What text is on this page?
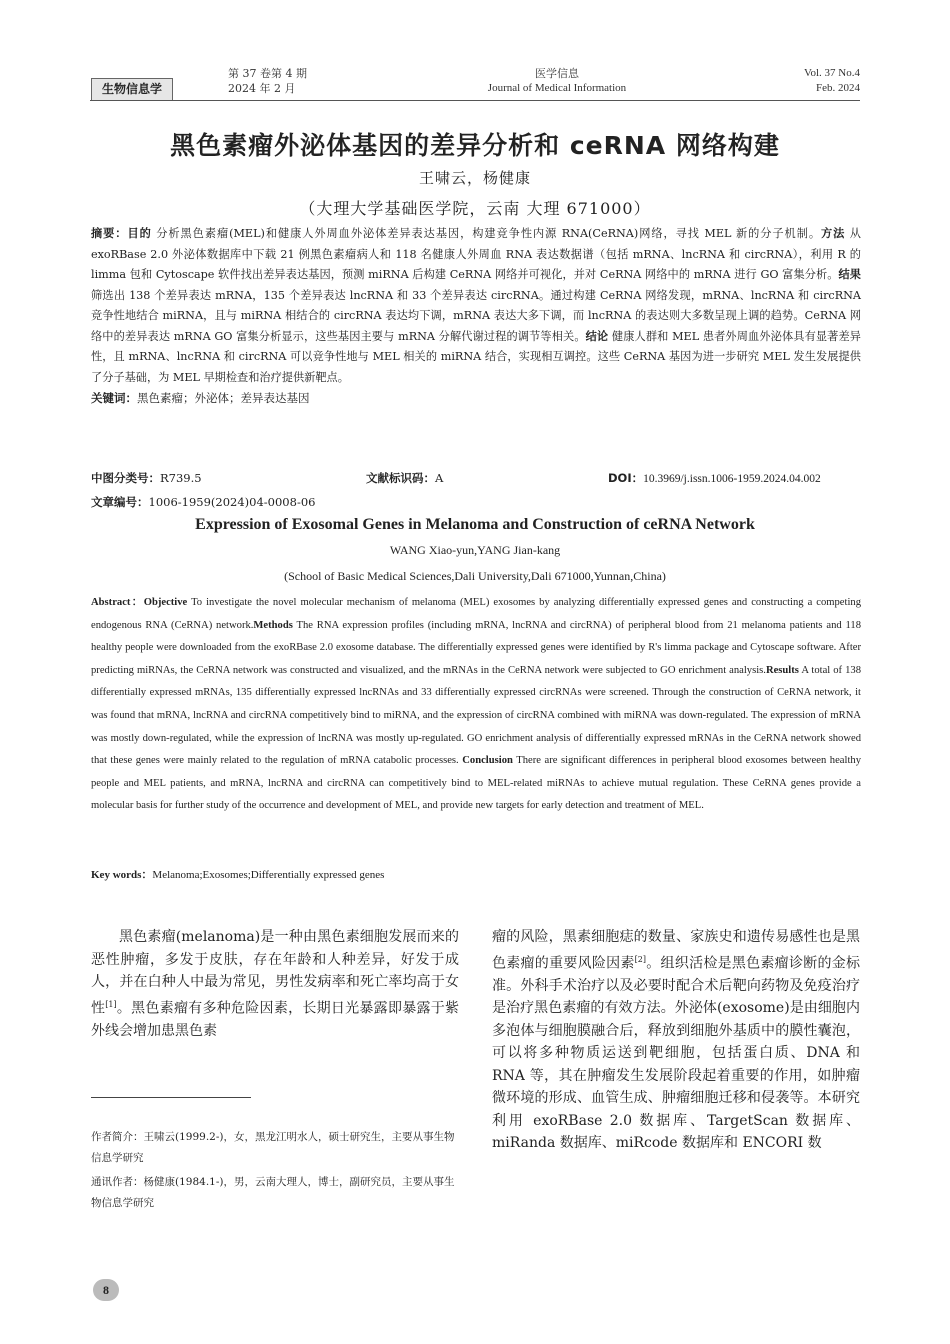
生物信息学
第 37 卷第 4 期
2024 年 2 月
医学信息
Journal of Medical Information
Vol. 37 No.4
Feb. 2024
黑色素瘤外泌体基因的差异分析和 ceRNA 网络构建
王啸云，杨健康
（大理大学基础医学院，云南 大理 671000）
摘要：目的 分析黑色素瘤(MEL)和健康人外周血外泌体差异表达基因，构建竞争性内源 RNA(CeRNA)网络，寻找 MEL 新的分子机制。方法 从 exoRBase 2.0 外泌体数据库中下载 21 例黑色素瘤病人和 118 名健康人外周血 RNA 表达数据谱（包括 mRNA、lncRNA 和 circRNA），利用 R 的 limma 包和 Cytoscape 软件找出差异表达基因，预测 miRNA 后构建 CeRNA 网络并可视化，并对 CeRNA 网络中的 mRNA 进行 GO 富集分析。结果 筛选出 138 个差异表达 mRNA，135 个差异表达 lncRNA 和 33 个差异表达 circRNA。通过构建 CeRNA 网络发现，mRNA、lncRNA 和 circRNA 竞争性地结合 miRNA，且与 miRNA 相结合的 circRNA 表达均下调，mRNA 表达大多下调，而 lncRNA 的表达则大多数呈现上调的趋势。CeRNA 网络中的差异表达 mRNA GO 富集分析显示，这些基因主要与 mRNA 分解代谢过程的调节等相关。结论 健康人群和 MEL 患者外周血外泌体具有显著差异性，且 mRNA、lncRNA 和 circRNA 可以竞争性地与 MEL 相关的 miRNA 结合，实现相互调控。这些 CeRNA 基因为进一步研究 MEL 发生发展提供了分子基础，为 MEL 早期检查和治疗提供新靶点。
关键词：黑色素瘤；外泌体；差异表达基因
中图分类号：R739.5	文献标识码：A	DOI：10.3969/j.issn.1006-1959.2024.04.002
文章编号：1006-1959(2024)04-0008-06
Expression of Exosomal Genes in Melanoma and Construction of ceRNA Network
WANG Xiao-yun,YANG Jian-kang
(School of Basic Medical Sciences,Dali University,Dali 671000,Yunnan,China)
Abstract：Objective To investigate the novel molecular mechanism of melanoma (MEL) exosomes by analyzing differentially expressed genes and constructing a competing endogenous RNA (CeRNA) network.Methods The RNA expression profiles (including mRNA, lncRNA and circRNA) of peripheral blood from 21 melanoma patients and 118 healthy people were downloaded from the exoRBase 2.0 exosome database. The differentially expressed genes were identified by R's limma package and Cytoscape software. After predicting miRNAs, the CeRNA network was constructed and visualized, and the mRNAs in the CeRNA network were subjected to GO enrichment analysis.Results A total of 138 differentially expressed mRNAs, 135 differentially expressed lncRNAs and 33 differentially expressed circRNAs were screened. Through the construction of CeRNA network, it was found that mRNA, lncRNA and circRNA competitively bind to miRNA, and the expression of circRNA combined with miRNA was down-regulated. The expression of mRNA was mostly down-regulated, while the expression of lncRNA was mostly up-regulated. GO enrichment analysis of differentially expressed mRNAs in the CeRNA network showed that these genes were mainly related to the regulation of mRNA catabolic processes. Conclusion There are significant differences in peripheral blood exosomes between healthy people and MEL patients, and mRNA, lncRNA and circRNA can competitively bind to MEL-related miRNAs to achieve mutual regulation. These CeRNA genes provide a molecular basis for further study of the occurrence and development of MEL, and provide new targets for early detection and treatment of MEL.
Key words：Melanoma;Exosomes;Differentially expressed genes
黑色素瘤(melanoma)是一种由黑色素细胞发展而来的恶性肿瘤，多发于皮肤，存在年龄和人种差异，好发于成人，并在白种人中最为常见，男性发病率和死亡率均高于女性[1]。黑色素瘤有多种危险因素，长期日光暴露即暴露于紫外线会增加患黑色素
瘤的风险，黑素细胞痣的数量、家族史和遗传易感性也是黑色素瘤的重要风险因素[2]。组织活检是黑色素瘤诊断的金标准。外科手术治疗以及必要时配合术后靶向药物及免疫治疗是治疗黑色素瘤的有效方法。外泌体(exosome)是由细胞内多泡体与细胞膜融合后，释放到细胞外基质中的膜性囊泡，可以将多种物质运送到靶细胞，包括蛋白质、DNA 和 RNA 等，其在肿瘤发生发展阶段起着重要的作用，如肿瘤微环境的形成、血管生成、肿瘤细胞迁移和侵袭等。本研究利用 exoRBase 2.0 数据库、TargetScan 数据库、miRanda 数据库、miRcode 数据库和 ENCORI 数
作者简介：王啸云(1999.2-)，女，黑龙江明水人，硕士研究生，主要从事生物信息学研究
通讯作者：杨健康(1984.1-)，男，云南大理人，博士，副研究员，主要从事生物信息学研究
8
